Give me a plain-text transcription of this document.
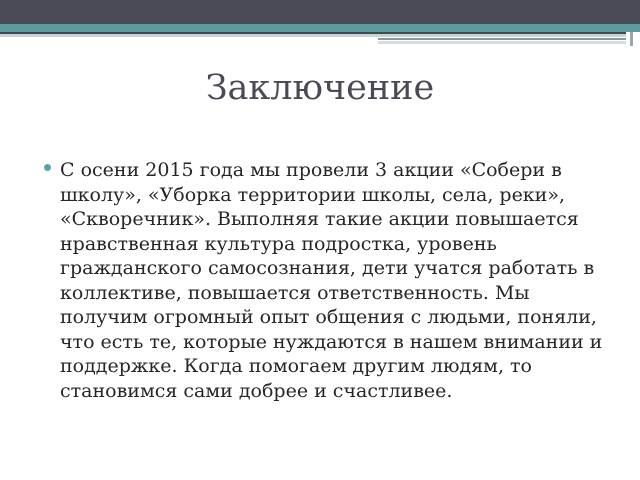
Заключение
С осени 2015 года мы провели 3 акции «Собери в школу», «Уборка территории школы, села, реки», «Скворечник». Выполняя такие акции повышается нравственная культура подростка, уровень гражданского самосознания, дети учатся работать в коллективе, повышается ответственность. Мы получим огромный опыт общения с людьми, поняли, что есть те, которые нуждаются в нашем внимании и поддержке. Когда помогаем другим людям, то становимся сами добрее и счастливее.
